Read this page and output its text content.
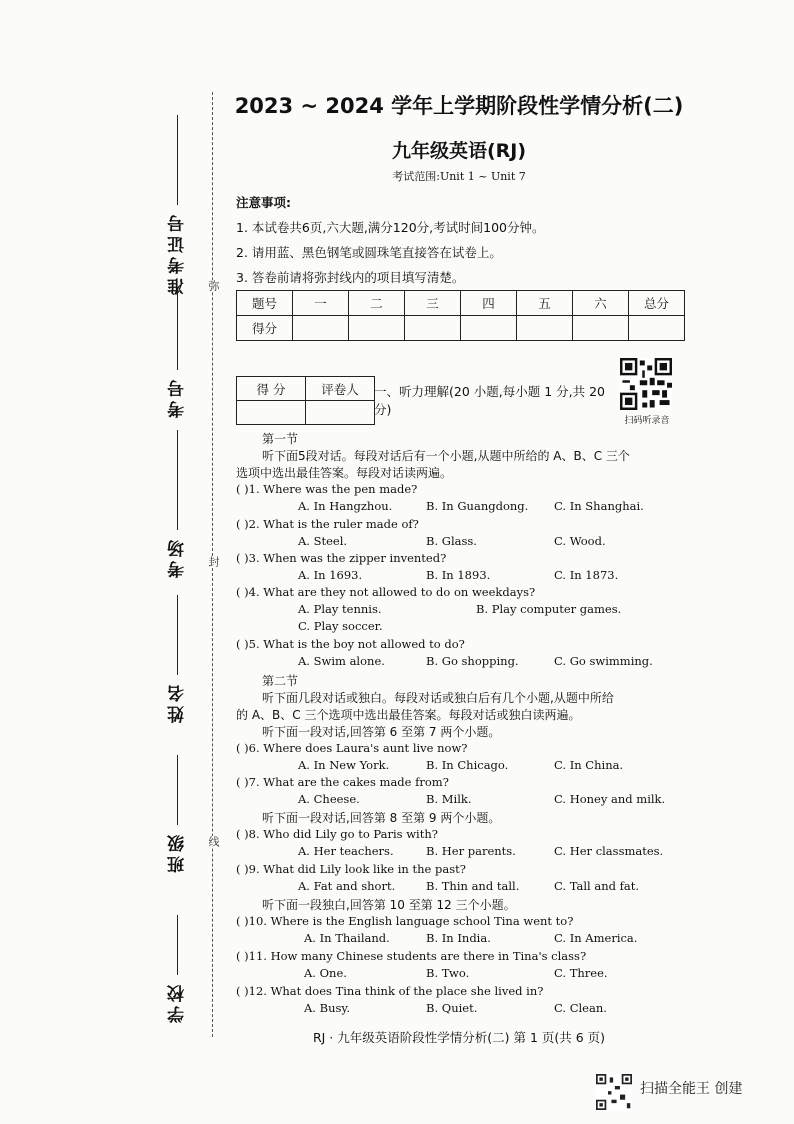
准考证号
考号
考场
姓名
班级
学校
弥
封
线
2023 ~ 2024 学年上学期阶段性学情分析(二)
九年级英语(RJ)
考试范围:Unit 1 ~ Unit 7
注意事项:
1. 本试卷共6页,六大题,满分120分,考试时间100分钟。
2. 请用蓝、黑色钢笔或圆珠笔直接答在试卷上。
3. 答卷前请将弥封线内的项目填写清楚。
题号	一	二	三	四	五	六	总分
得分							
得 分	评卷人
	一、听力理解(20 小题,每小题 1 分,共 20 分)
扫码听录音
第一节
听下面5段对话。每段对话后有一个小题,从题中所给的 A、B、C 三个
选项中选出最佳答案。每段对话读两遍。
( )1. Where was the pen made?
A. In Hangzhou.	B. In Guangdong. C. In Shanghai.
( )2. What is the ruler made of?
A. Steel.	B. Glass.	C. Wood.
( )3. When was the zipper invented?
A. In 1693.	B. In 1893.	C. In 1873.
( )4. What are they not allowed to do on weekdays?
A. Play tennis.	B. Play computer games.
C. Play soccer.
( )5. What is the boy not allowed to do?
A. Swim alone.	B. Go shopping.	C. Go swimming.
第二节
听下面几段对话或独白。每段对话或独白后有几个小题,从题中所给
的 A、B、C 三个选项中选出最佳答案。每段对话或独白读两遍。
听下面一段对话,回答第 6 至第 7 两个小题。
( )6. Where does Laura's aunt live now?
A. In New York.	B. In Chicago.	C. In China.
( )7. What are the cakes made from?
A. Cheese.	B. Milk.	C. Honey and milk.
听下面一段对话,回答第 8 至第 9 两个小题。
( )8. Who did Lily go to Paris with?
A. Her teachers.	B. Her parents.	C. Her classmates.
( )9. What did Lily look like in the past?
A. Fat and short.	B. Thin and tall.	C. Tall and fat.
听下面一段独白,回答第 10 至第 12 三个小题。
( )10. Where is the English language school Tina went to?
A. In Thailand.	B. In India.	C. In America.
( )11. How many Chinese students are there in Tina's class?
A. One.	B. Two.	C. Three.
( )12. What does Tina think of the place she lived in?
A. Busy.	B. Quiet.	C. Clean.
RJ · 九年级英语阶段性学情分析(二) 第 1 页(共 6 页)
扫描全能王 创建
